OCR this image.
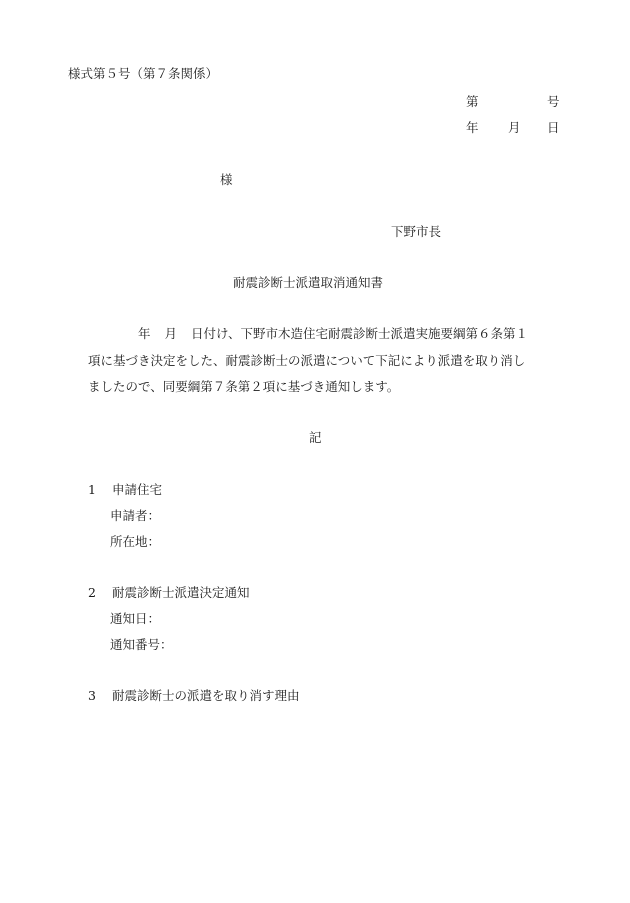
様式第５号（第７条関係）
第	号
年 月 日
様
下野市長
耐震診断士派遣取消通知書
年 月 日付け、下野市木造住宅耐震診断士派遣実施要綱第６条第１
項に基づき決定をした、耐震診断士の派遣について下記により派遣を取り消し
ましたので、同要綱第７条第２項に基づき通知します。
記
1 申請住宅
申請者：
所在地：
2 耐震診断士派遣決定通知
通知日：
通知番号：
3 耐震診断士の派遣を取り消す理由
